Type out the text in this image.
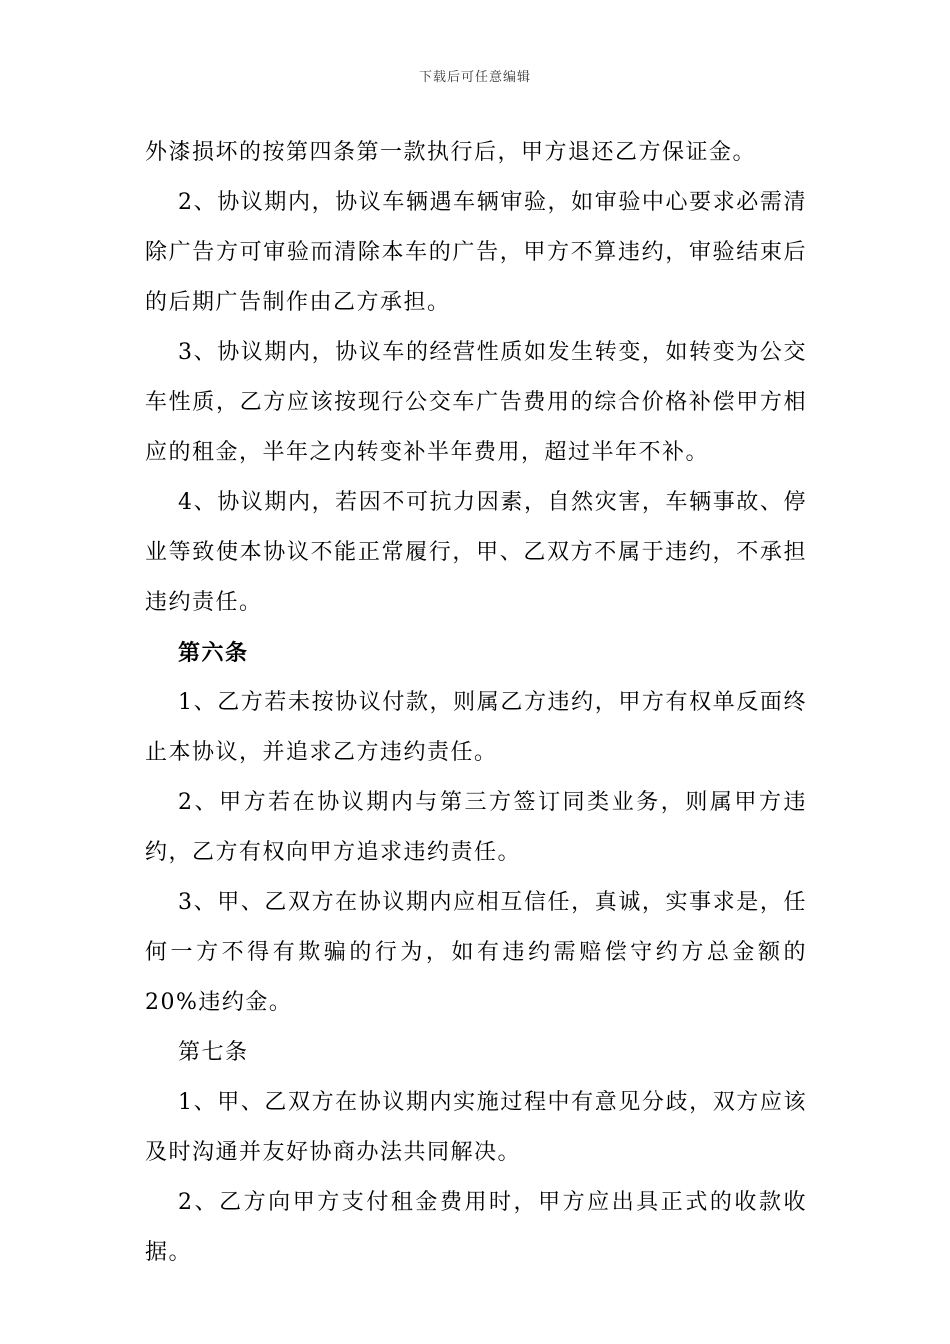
下载后可任意编辑

外漆损坏的按第四条第一款执行后，甲方退还乙方保证金。

2、协议期内，协议车辆遇车辆审验，如审验中心要求必需清除广告方可审验而清除本车的广告，甲方不算违约，审验结束后的后期广告制作由乙方承担。

3、协议期内，协议车的经营性质如发生转变，如转变为公交车性质，乙方应该按现行公交车广告费用的综合价格补偿甲方相应的租金，半年之内转变补半年费用，超过半年不补。

4、协议期内，若因不可抗力因素，自然灾害，车辆事故、停业等致使本协议不能正常履行，甲、乙双方不属于违约，不承担违约责任。

第六条

1、乙方若未按协议付款，则属乙方违约，甲方有权单反面终止本协议，并追求乙方违约责任。

2、甲方若在协议期内与第三方签订同类业务，则属甲方违约，乙方有权向甲方追求违约责任。

3、甲、乙双方在协议期内应相互信任，真诚，实事求是，任何一方不得有欺骗的行为，如有违约需赔偿守约方总金额的20%违约金。

第七条

1、甲、乙双方在协议期内实施过程中有意见分歧，双方应该及时沟通并友好协商办法共同解决。

2、乙方向甲方支付租金费用时，甲方应出具正式的收款收据。
